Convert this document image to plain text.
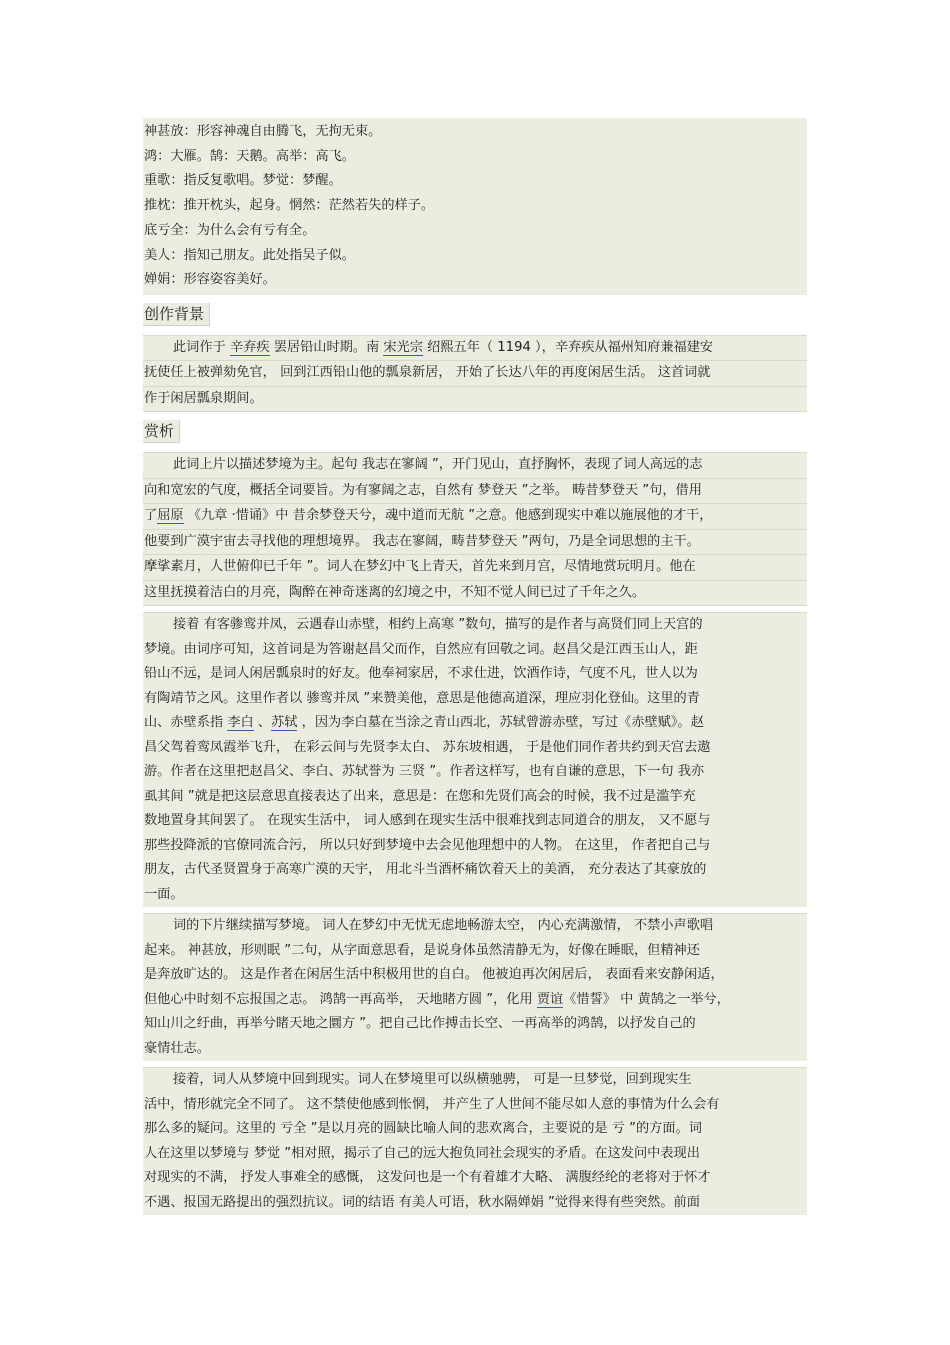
神甚放：形容神魂自由腾飞，无拘无束。
鸿：大雁。鹄：天鹅。高举：高飞。
重歌：指反复歌唱。梦觉：梦醒。
推枕：推开枕头，起身。惘然：茫然若失的样子。
底亏全：为什么会有亏有全。
美人：指知己朋友。此处指吴子似。
婵娟：形容姿容美好。
创作背景
此词作于 辛弃疾 罢居铅山时期。南 宋光宗 绍熙五年（ 1194 ），辛弃疾从福州知府兼福建安
抚使任上被弹劾免官， 回到江西铅山他的瓢泉新居， 开始了长达八年的再度闲居生活。 这首词就
作于闲居瓢泉期间。
赏析
此词上片以描述梦境为主。起句 我志在寥阔 ”，开门见山，直抒胸怀，表现了词人高远的志
向和宽宏的气度，概括全词要旨。为有寥阔之志，自然有 梦登天 ”之举。 畴昔梦登天 ”句，借用
了屈原 《九章 ·惜诵》中 昔余梦登天兮，魂中道而无航 ”之意。他感到现实中难以施展他的才干，
他要到广漠宇宙去寻找他的理想境界。 我志在寥阔，畴昔梦登天 ”两句，乃是全词思想的主干。
摩挲素月，人世俯仰已千年 ”。词人在梦幻中飞上青天，首先来到月宫，尽情地赏玩明月。他在
这里抚摸着洁白的月亮，陶醉在神奇迷离的幻境之中，不知不觉人间已过了千年之久。
接着 有客骖鸾并凤，云遇春山赤壁，相约上高寒 ”数句，描写的是作者与高贤们同上天宫的
梦境。由词序可知，这首词是为答谢赵昌父而作，自然应有回敬之词。赵昌父是江西玉山人，距
铅山不远，是词人闲居瓢泉时的好友。他奉祠家居，不求仕进，饮酒作诗，气度不凡，世人以为
有陶靖节之风。这里作者以 骖鸾并凤 ”来赞美他，意思是他德高道深，理应羽化登仙。这里的青
山、赤壁系指 李白 、苏轼 ，因为李白墓在当涂之青山西北，苏轼曾游赤壁，写过《赤壁赋》。赵
昌父驾着鸾凤霞举飞升， 在彩云间与先贤李太白、 苏东坡相遇， 于是他们同作者共约到天宫去遨
游。作者在这里把赵昌父、李白、苏轼誉为 三贤 ”。作者这样写，也有自谦的意思，下一句 我亦
虱其间 ”就是把这层意思直接表达了出来，意思是：在您和先贤们高会的时候，我不过是滥竽充
数地置身其间罢了。 在现实生活中， 词人感到在现实生活中很难找到志同道合的朋友， 又不愿与
那些投降派的官僚同流合污， 所以只好到梦境中去会见他理想中的人物。 在这里， 作者把自己与
朋友，古代圣贤置身于高寒广漠的天宇， 用北斗当酒杯痛饮着天上的美酒， 充分表达了其豪放的
一面。
词的下片继续描写梦境。 词人在梦幻中无忧无虑地畅游太空， 内心充满激情， 不禁小声歌唱
起来。 神甚放，形则眠 ”二句，从字面意思看，是说身体虽然清静无为，好像在睡眠，但精神还
是奔放旷达的。 这是作者在闲居生活中积极用世的自白。 他被迫再次闲居后， 表面看来安静闲适，
但他心中时刻不忘报国之志。 鸿鹄一再高举， 天地睹方圆 ”，化用 贾谊《惜誓》 中 黄鹄之一举兮，
知山川之纡曲，再举兮睹天地之圜方 ”。把自己比作搏击长空、一再高举的鸿鹄，以抒发自己的
豪情壮志。
接着，词人从梦境中回到现实。词人在梦境里可以纵横驰骋， 可是一旦梦觉，回到现实生
活中，情形就完全不同了。 这不禁使他感到怅惘， 并产生了人世间不能尽如人意的事情为什么会有
那么多的疑问。这里的 亏全 ”是以月亮的圆缺比喻人间的悲欢离合，主要说的是 亏 ”的方面。词
人在这里以梦境与 梦觉 ”相对照，揭示了自己的远大抱负同社会现实的矛盾。在这发问中表现出
对现实的不满， 抒发人事难全的感慨， 这发问也是一个有着雄才大略、 满腹经纶的老将对于怀才
不遇、报国无路提出的强烈抗议。词的结语 有美人可语，秋水隔婵娟 ”觉得来得有些突然。前面
